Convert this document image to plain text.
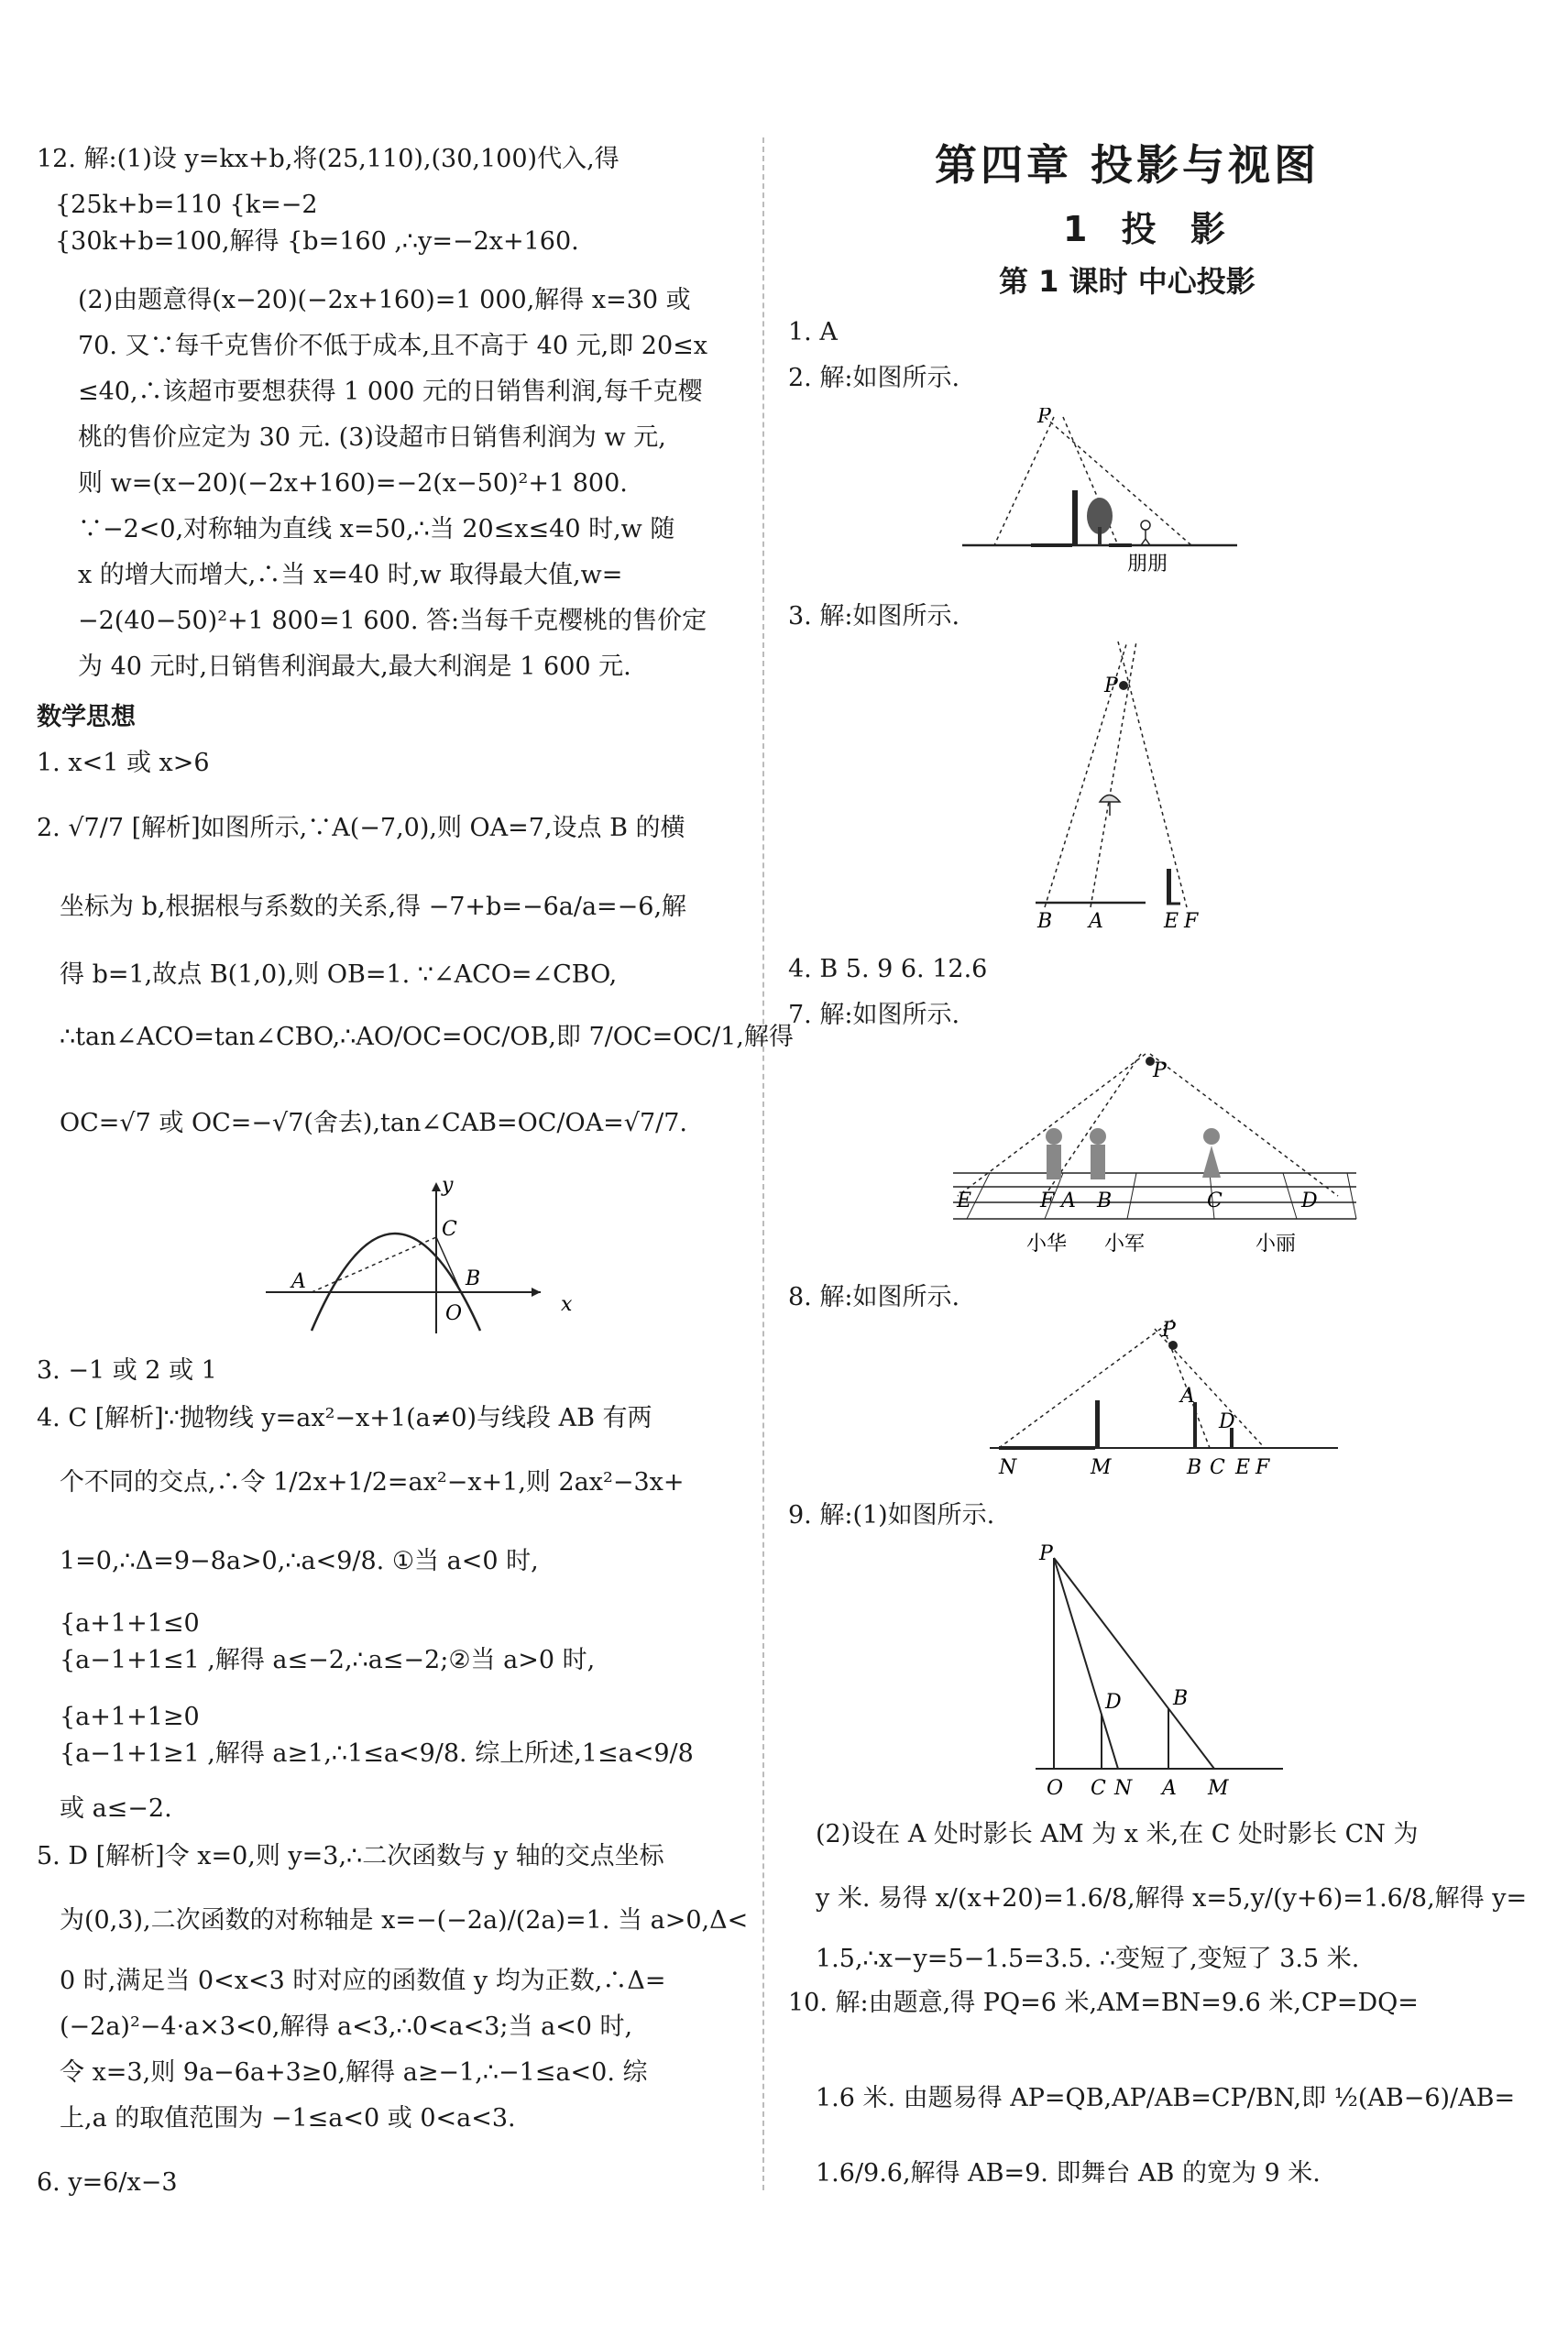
12. 解:(1)设 y=kx+b,将(25,110),(30,100)代入,得
{25k+b=110 {k=−2
{30k+b=100,解得 {b=160 ,∴y=−2x+160.
(2)由题意得(x−20)(−2x+160)=1 000,解得 x=30 或
70. 又∵每千克售价不低于成本,且不高于 40 元,即 20≤x
≤40,∴该超市要想获得 1 000 元的日销售利润,每千克樱
桃的售价应定为 30 元. (3)设超市日销售利润为 w 元,
则 w=(x−20)(−2x+160)=−2(x−50)²+1 800.
∵−2<0,对称轴为直线 x=50,∴当 20≤x≤40 时,w 随
x 的增大而增大,∴当 x=40 时,w 取得最大值,w=
−2(40−50)²+1 800=1 600. 答:当每千克樱桃的售价定
为 40 元时,日销售利润最大,最大利润是 1 600 元.
数学思想
1. x<1 或 x>6
2. √7/7 [解析]如图所示,∵A(−7,0),则 OA=7,设点 B 的横
坐标为 b,根据根与系数的关系,得 −7+b=−6a/a=−6,解
得 b=1,故点 B(1,0),则 OB=1. ∵∠ACO=∠CBO,
∴tan∠ACO=tan∠CBO,∴AO/OC=OC/OB,即 7/OC=OC/1,解得
OC=√7 或 OC=−√7(舍去),tan∠CAB=OC/OA=√7/7.
y
x
A	B
C
O
3. −1 或 2 或 1
4. C [解析]∵抛物线 y=ax²−x+1(a≠0)与线段 AB 有两
个不同的交点,∴令 1/2x+1/2=ax²−x+1,则 2ax²−3x+
1=0,∴Δ=9−8a>0,∴a<9/8. ①当 a<0 时,
{a+1+1≤0
{a−1+1≤1 ,解得 a≤−2,∴a≤−2;②当 a>0 时,
{a+1+1≥0
{a−1+1≥1 ,解得 a≥1,∴1≤a<9/8. 综上所述,1≤a<9/8
或 a≤−2.
5. D [解析]令 x=0,则 y=3,∴二次函数与 y 轴的交点坐标
为(0,3),二次函数的对称轴是 x=−(−2a)/(2a)=1. 当 a>0,Δ<
0 时,满足当 0<x<3 时对应的函数值 y 均为正数,∴Δ=
(−2a)²−4·a×3<0,解得 a<3,∴0<a<3;当 a<0 时,
令 x=3,则 9a−6a+3≥0,解得 a≥−1,∴−1≤a<0. 综
上,a 的取值范围为 −1≤a<0 或 0<a<3.
6. y=6/x−3
第四章 投影与视图
1 投 影
第 1 课时 中心投影
1. A
2. 解:如图所示.
P
朋朋
3. 解:如图所示.
P
B A	E F
4. B 5. 9 6. 12.6
7. 解:如图所示.
P
E	F A B	C	D
小华 小军	小丽
8. 解:如图所示.
P
A
D
N	M	B C E F
9. 解:(1)如图所示.
P
D	B
O C N A M
(2)设在 A 处时影长 AM 为 x 米,在 C 处时影长 CN 为
y 米. 易得 x/(x+20)=1.6/8,解得 x=5,y/(y+6)=1.6/8,解得 y=
1.5,∴x−y=5−1.5=3.5. ∴变短了,变短了 3.5 米.
10. 解:由题意,得 PQ=6 米,AM=BN=9.6 米,CP=DQ=
1.6 米. 由题易得 AP=QB,AP/AB=CP/BN,即 ½(AB−6)/AB=
1.6/9.6,解得 AB=9. 即舞台 AB 的宽为 9 米.
